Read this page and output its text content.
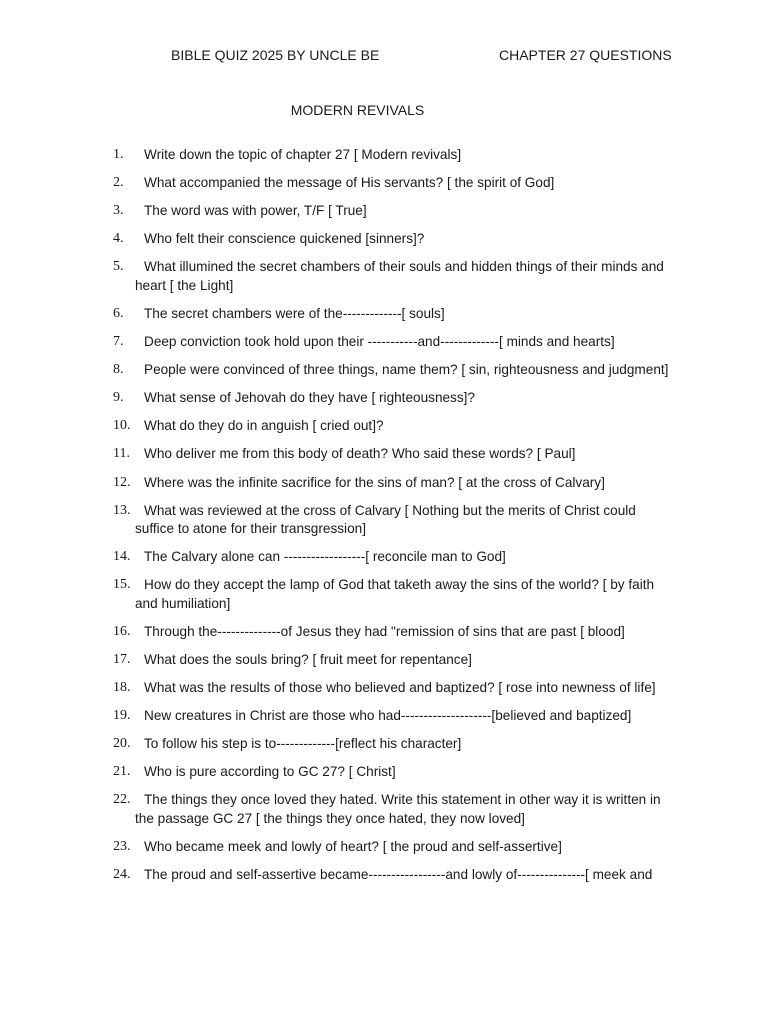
BIBLE QUIZ 2025 BY UNCLE BE	CHAPTER 27 QUESTIONS
MODERN REVIVALS
1.	Write down the topic of chapter 27 [ Modern revivals]
2.	What accompanied the message of His servants? [ the spirit of God]
3.	The word was with power, T/F [ True]
4.	Who felt their conscience quickened [sinners]?
5.	What illumined the secret chambers of their souls and hidden things of their minds and heart [ the Light]
6.	The secret chambers were of the-------------[ souls]
7.	Deep conviction took hold upon their -----------and-------------[ minds and hearts]
8.	People were convinced of three things, name them? [ sin, righteousness and judgment]
9.	What sense of Jehovah do they have [ righteousness]?
10. What do they do in anguish [ cried out]?
11.	Who deliver me from this body of death? Who said these words? [ Paul]
12. Where was the infinite sacrifice for the sins of man? [ at the cross of Calvary]
13. What was reviewed at the cross of Calvary [ Nothing but the merits of Christ could suffice to atone for their transgression]
14. The Calvary alone can ------------------[ reconcile man to God]
15. How do they accept the lamp of God that taketh away the sins of the world? [ by faith and humiliation]
16. Through the--------------of Jesus they had "remission of sins that are past [ blood]
17. What does the souls bring? [ fruit meet for repentance]
18. What was the results of those who believed and baptized? [ rose into newness of life]
19. New creatures in Christ are those who had--------------------[believed and baptized]
20. To follow his step is to-------------[reflect his character]
21. Who is pure according to GC 27? [ Christ]
22. The things they once loved they hated. Write this statement in other way it is written in the passage GC 27 [ the things they once hated, they now loved]
23. Who became meek and lowly of heart? [ the proud and self-assertive]
24. The proud and self-assertive became-----------------and lowly of---------------[ meek and
